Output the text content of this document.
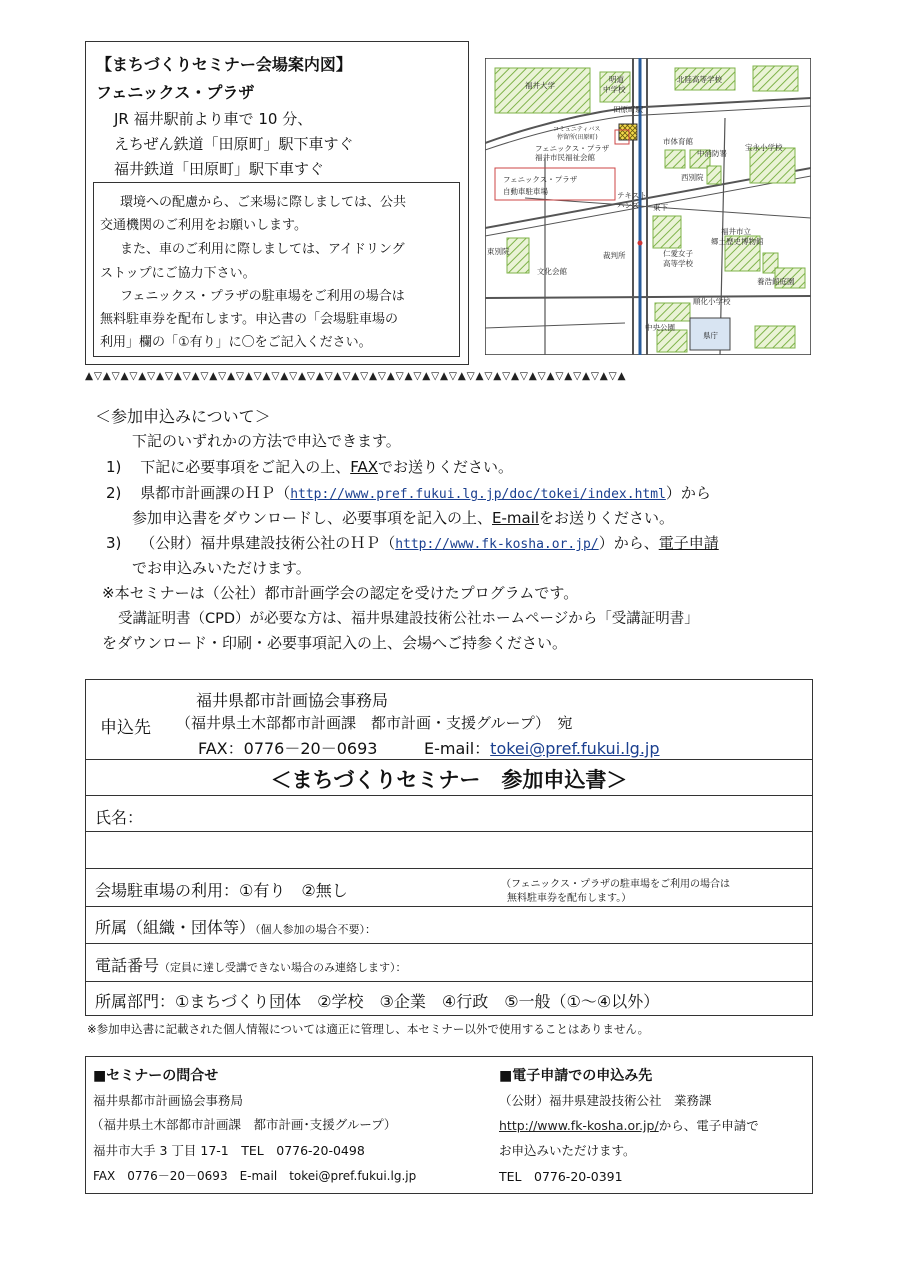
【まちづくりセミナー会場案内図】
フェニックス・プラザ
JR 福井駅前より車で 10 分、
えちぜん鉄道「田原町」駅下車すぐ
福井鉄道「田原町」駅下車すぐ
環境への配慮から、ご来場に際しましては、公共
交通機関のご利用をお願いします。
また、車のご利用に際しましては、アイドリング
ストップにご協力下さい。
フェニックス・プラザの駐車場をご利用の場合は
無料駐車券を配布します。申込書の「会場駐車場の
利用」欄の「①有り」に〇をご記入ください。
福井大学
明道
中学校
北陸高等学校
田原町駅
コミュニティバス
停留所(田原町)
フェニックス・プラザ
福井市民福祉会館
市体育館
中消防署
宝永小学校
西別院
フェニックス・プラザ
自動車駐車場	テキスト
ハンズ 東下
東別院	裁判所	仁愛女子
高等学校
福井市立
郷土歴史博物館
文化会館
養浩館庭園
順化小学校
中央公園
県庁
▲▽▲▽▲▽▲▽▲▽▲▽▲▽▲▽▲▽▲▽▲▽▲▽▲▽▲▽▲▽▲▽▲▽▲▽▲▽▲▽▲▽▲▽▲▽▲▽▲▽▲▽▲▽▲▽▲▽▲▽▲
＜参加申込みについて＞
下記のいずれかの方法で申込できます。
1) 下記に必要事項をご記入の上、FAXでお送りください。
2) 県都市計画課のＨＰ（http://www.pref.fukui.lg.jp/doc/tokei/index.html）から
参加申込書をダウンロードし、必要事項を記入の上、E-mailをお送りください。
3) （公財）福井県建設技術公社のＨＰ（http://www.fk-kosha.or.jp/）から、電子申請
でお申込みいただけます。
※本セミナーは（公社）都市計画学会の認定を受けたプログラムです。
受講証明書（CPD）が必要な方は、福井県建設技術公社ホームページから「受講証明書」
をダウンロード・印刷・必要事項記入の上、会場へご持参ください。
福井県都市計画協会事務局
申込先 （福井県土木部都市計画課　都市計画・支援グループ）　宛
FAX：0776－20－0693	E-mail：tokei@pref.fukui.lg.jp
＜まちづくりセミナー　参加申込書＞
氏名：
会場駐車場の利用：①有り　②無し	（フェニックス・プラザの駐車場をご利用の場合は
無料駐車券を配布します。）
所属（組織・団体等）（個人参加の場合不要）：
電話番号（定員に達し受講できない場合のみ連絡します）：
所属部門：①まちづくり団体　②学校　③企業　④行政　⑤一般（①～④以外）
※参加申込書に記載された個人情報については適正に管理し、本セミナー以外で使用することはありません。
■セミナーの問合せ
福井県都市計画協会事務局
（福井県土木部都市計画課　都市計画･支援グループ）
福井市大手 3 丁目 17-1　TEL　0776-20-0498
FAX　0776－20－0693　E-mail　tokei@pref.fukui.lg.jp
■電子申請での申込み先
（公財）福井県建設技術公社　業務課
http://www.fk-kosha.or.jp/から、電子申請で
お申込みいただけます。
TEL　0776-20-0391
